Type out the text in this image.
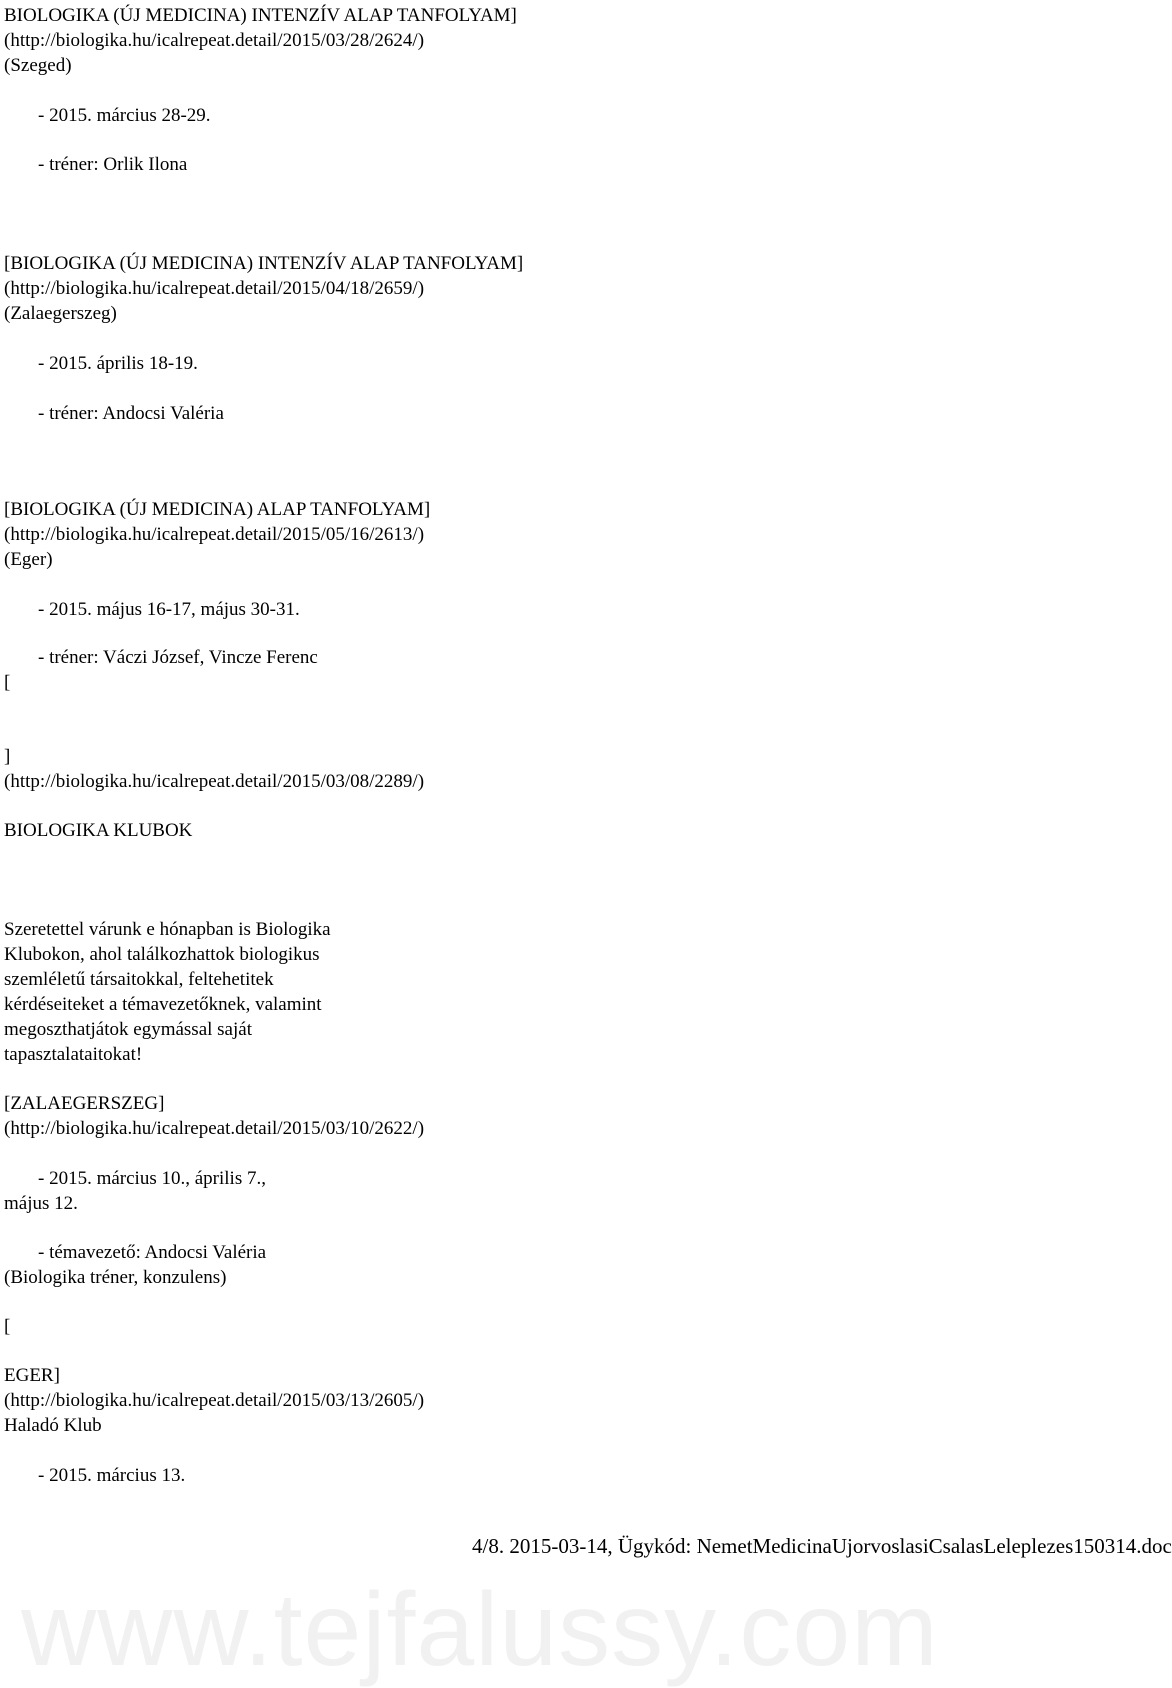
www.tejfalussy.com
BIOLOGIKA (ÚJ MEDICINA) INTENZÍV ALAP TANFOLYAM]
(http://biologika.hu/icalrepeat.detail/2015/03/28/2624/)
(Szeged)
- 2015. március 28-29.
- tréner: Orlik Ilona
[BIOLOGIKA (ÚJ MEDICINA) INTENZÍV ALAP TANFOLYAM]
(http://biologika.hu/icalrepeat.detail/2015/04/18/2659/)
(Zalaegerszeg)
- 2015. április 18-19.
- tréner: Andocsi Valéria
[BIOLOGIKA (ÚJ MEDICINA) ALAP TANFOLYAM]
(http://biologika.hu/icalrepeat.detail/2015/05/16/2613/)
(Eger)
- 2015. május 16-17, május 30-31.
- tréner: Váczi József, Vincze Ferenc
[
]
(http://biologika.hu/icalrepeat.detail/2015/03/08/2289/)
BIOLOGIKA KLUBOK
Szeretettel várunk e hónapban is Biologika
Klubokon, ahol találkozhattok biologikus
szemléletű társaitokkal, feltehetitek
kérdéseiteket a témavezetőknek, valamint
megoszthatjátok egymással saját
tapasztalataitokat!
[ZALAEGERSZEG]
(http://biologika.hu/icalrepeat.detail/2015/03/10/2622/)
- 2015. március 10., április 7.,
május 12.
- témavezető: Andocsi Valéria
(Biologika tréner, konzulens)
[
EGER]
(http://biologika.hu/icalrepeat.detail/2015/03/13/2605/)
Haladó Klub
- 2015. március 13.
4/8. 2015-03-14, Ügykód: NemetMedicinaUjorvoslasiCsalasLeleplezes150314.doc
